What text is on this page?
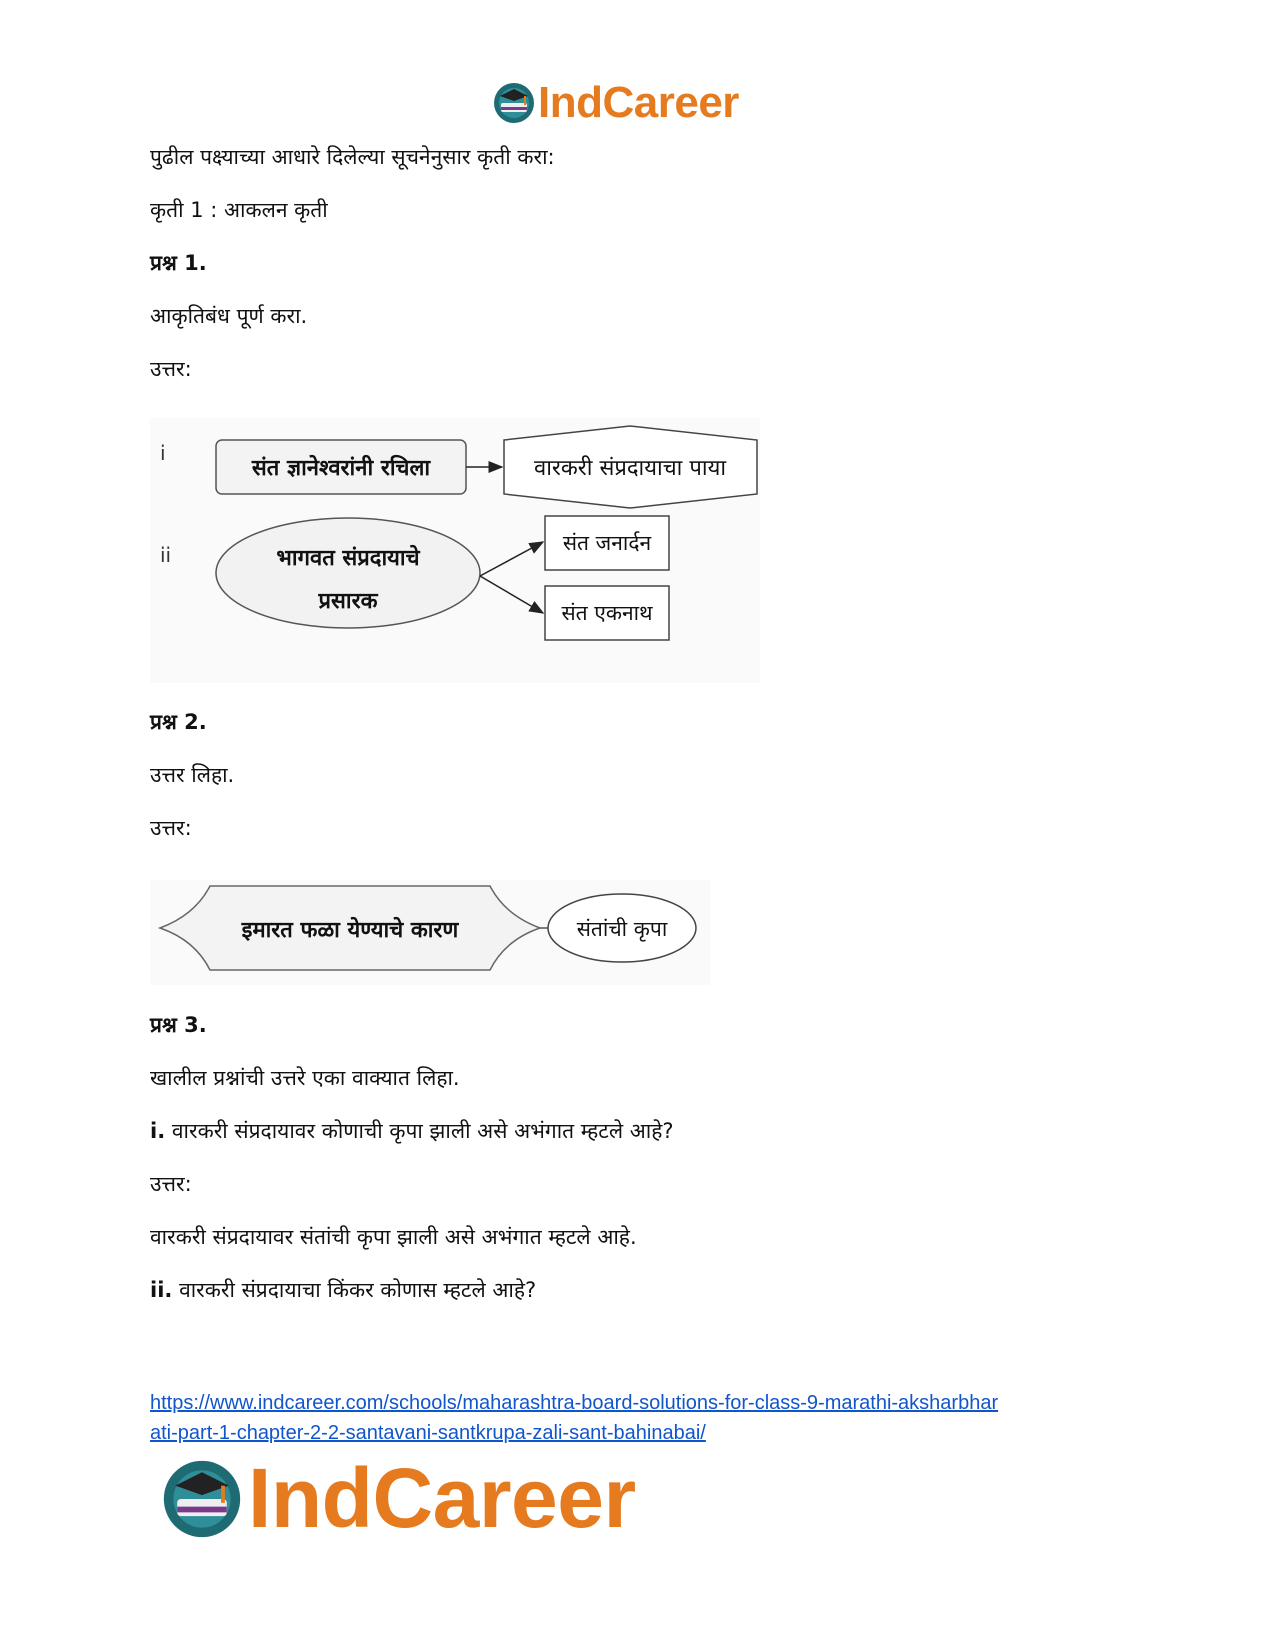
IndCareer
पुढील पक्ष्याच्या आधारे दिलेल्या सूचनेनुसार कृती करा:
कृती 1 : आकलन कृती
प्रश्न 1.
आकृतिबंध पूर्ण करा.
उत्तर:
i
संत ज्ञानेश्वरांनी रचिला	वारकरी संप्रदायाचा पाया
ii	भागवत संप्रदायाचे
प्रसारक
संत जनार्दन
संत एकनाथ
प्रश्न 2.
उत्तर लिहा.
उत्तर:
इमारत फळा येण्याचे कारण	संतांची कृपा
प्रश्न 3.
खालील प्रश्नांची उत्तरे एका वाक्यात लिहा.
i. वारकरी संप्रदायावर कोणाची कृपा झाली असे अभंगात म्हटले आहे?
उत्तर:
वारकरी संप्रदायावर संतांची कृपा झाली असे अभंगात म्हटले आहे.
ii. वारकरी संप्रदायाचा किंकर कोणास म्हटले आहे?
https://www.indcareer.com/schools/maharashtra-board-solutions-for-class-9-marathi-aksharbhar
ati-part-1-chapter-2-2-santavani-santkrupa-zali-sant-bahinabai/
IndCareer
